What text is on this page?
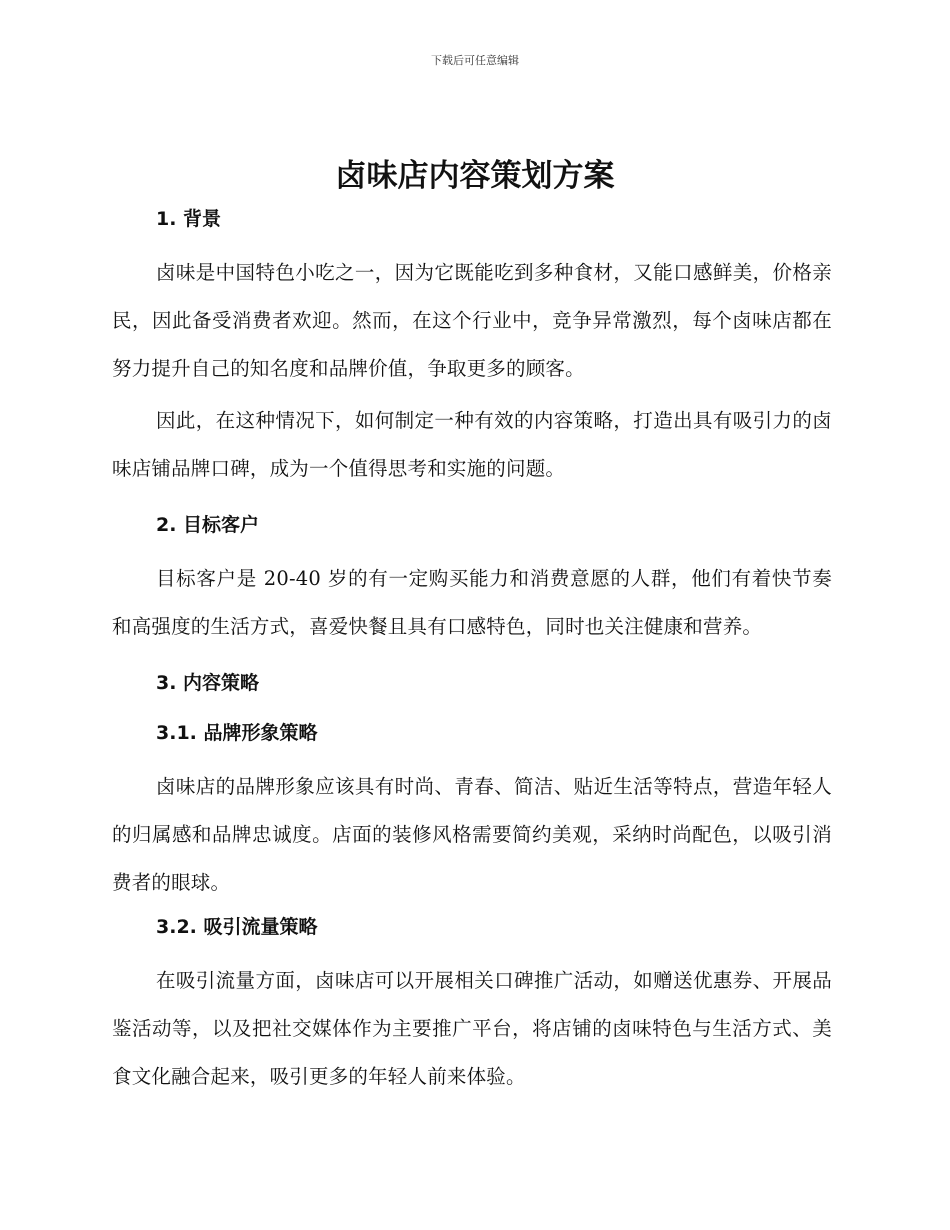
下载后可任意编辑
卤味店内容策划方案
1. 背景

卤味是中国特色小吃之一，因为它既能吃到多种食材，又能口感鲜美，价格亲民，因此备受消费者欢迎。然而，在这个行业中，竞争异常激烈，每个卤味店都在努力提升自己的知名度和品牌价值，争取更多的顾客。

因此，在这种情况下，如何制定一种有效的内容策略，打造出具有吸引力的卤味店铺品牌口碑，成为一个值得思考和实施的问题。

2. 目标客户

目标客户是 20-40 岁的有一定购买能力和消费意愿的人群，他们有着快节奏和高强度的生活方式，喜爱快餐且具有口感特色，同时也关注健康和营养。

3. 内容策略
3.1. 品牌形象策略

卤味店的品牌形象应该具有时尚、青春、简洁、贴近生活等特点，营造年轻人的归属感和品牌忠诚度。店面的装修风格需要简约美观，采纳时尚配色，以吸引消费者的眼球。

3.2. 吸引流量策略

在吸引流量方面，卤味店可以开展相关口碑推广活动，如赠送优惠券、开展品鉴活动等，以及把社交媒体作为主要推广平台，将店铺的卤味特色与生活方式、美食文化融合起来，吸引更多的年轻人前来体验。
